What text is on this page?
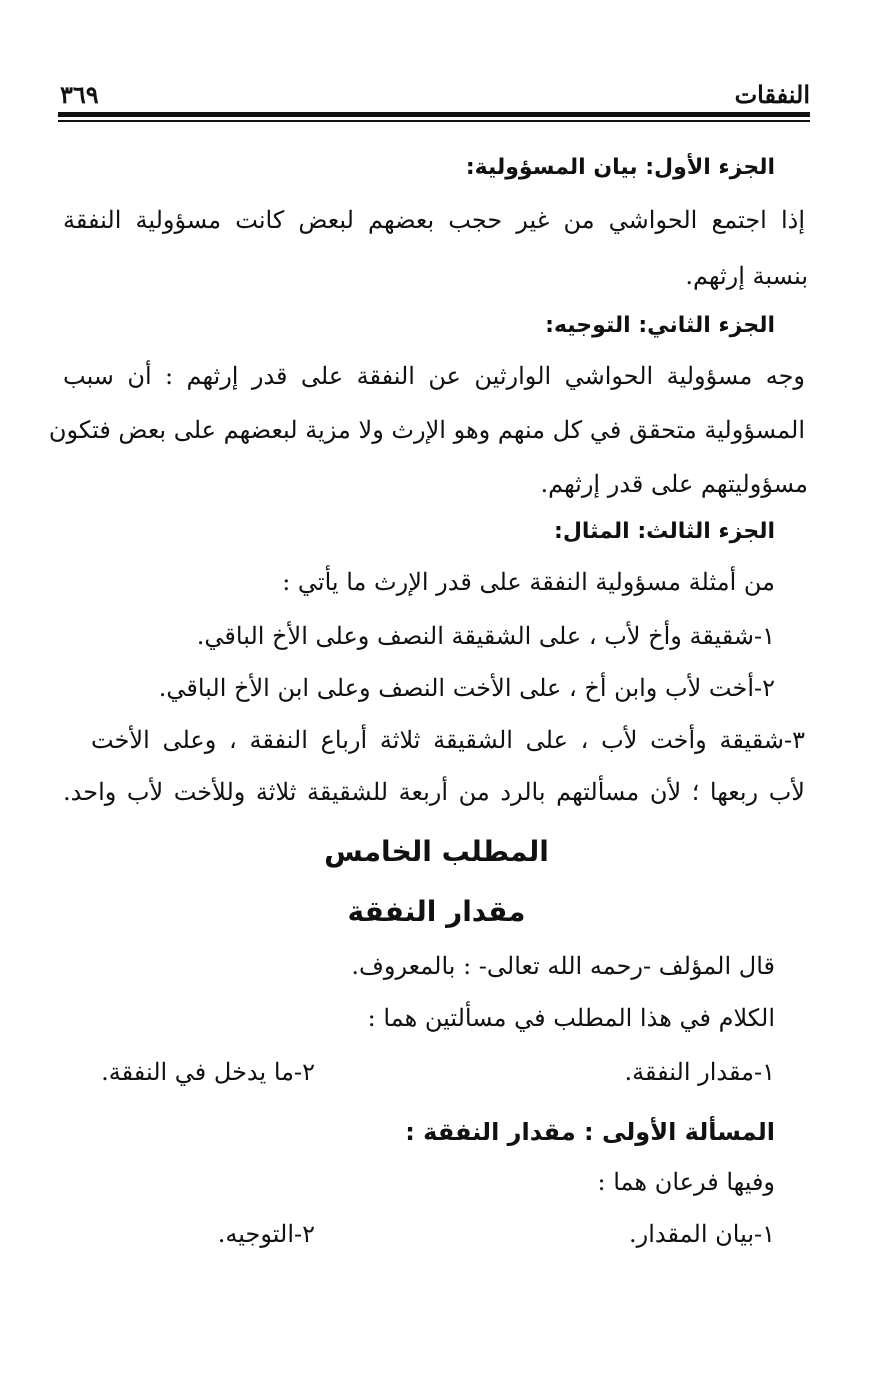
النفقات
٣٦٩
الجزء الأول: بيان المسؤولية:
إذا اجتمع الحواشي من غير حجب بعضهم لبعض كانت مسؤولية النفقة
بنسبة إرثهم.
الجزء الثاني: التوجيه:
وجه مسؤولية الحواشي الوارثين عن النفقة على قدر إرثهم : أن سبب
المسؤولية متحقق في كل منهم وهو الإرث ولا مزية لبعضهم على بعض فتكون
مسؤوليتهم على قدر إرثهم.
الجزء الثالث: المثال:
من أمثلة مسؤولية النفقة على قدر الإرث ما يأتي :
١-شقيقة وأخ لأب ، على الشقيقة النصف وعلى الأخ الباقي.
٢-أخت لأب وابن أخ ، على الأخت النصف وعلى ابن الأخ الباقي.
٣-شقيقة وأخت لأب ، على الشقيقة ثلاثة أرباع النفقة ، وعلى الأخت
لأب ربعها ؛ لأن مسألتهم بالرد من أربعة للشقيقة ثلاثة وللأخت لأب واحد.
المطلب الخامس
مقدار النفقة
قال المؤلف -رحمه الله تعالى- : بالمعروف.
الكلام في هذا المطلب في مسألتين هما :
١-مقدار النفقة.
٢-ما يدخل في النفقة.
المسألة الأولى : مقدار النفقة :
وفيها فرعان هما :
١-بيان المقدار.
٢-التوجيه.
